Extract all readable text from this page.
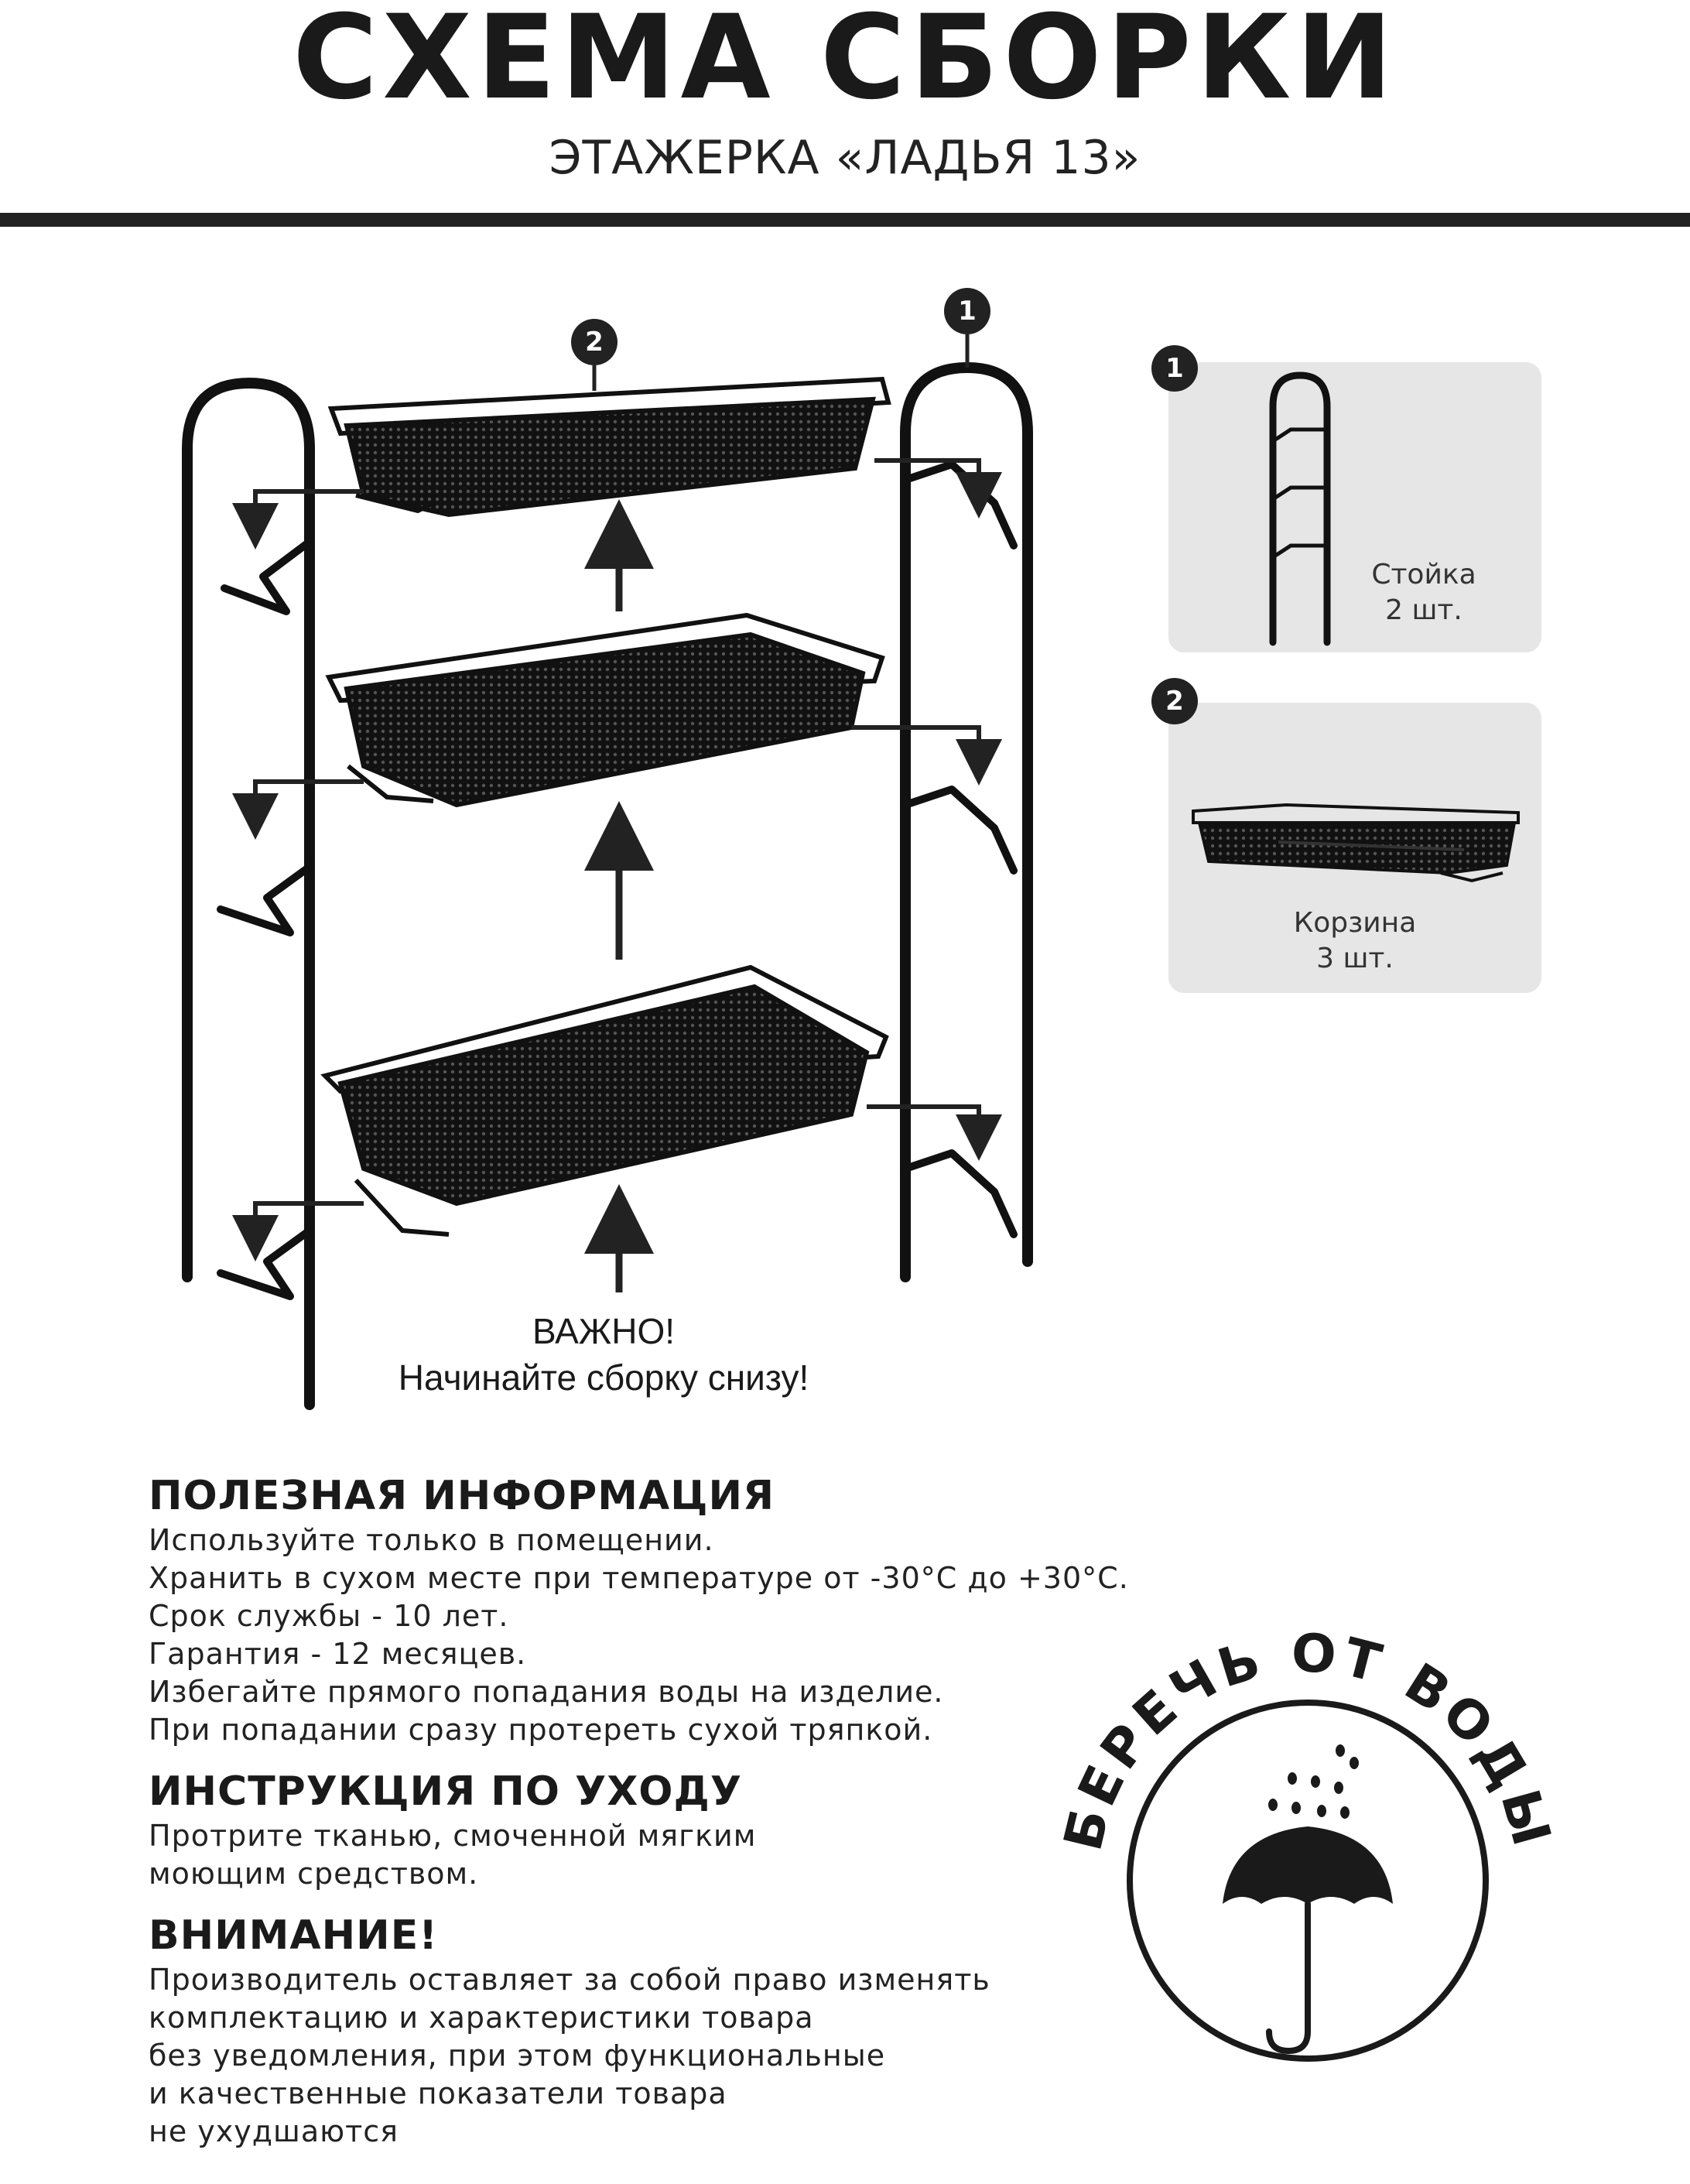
СХЕМА СБОРКИ
ЭТАЖЕРКА «ЛАДЬЯ 13»
2
1
ВАЖНО!
Начинайте сборку снизу!
Стойка
2 шт.
1
Корзина
3 шт.
2
ПОЛЕЗНАЯ ИНФОРМАЦИЯ
Используйте только в помещении.
Хранить в сухом месте при температуре от -30°С до +30°С.
Срок службы - 10 лет.
Гарантия - 12 месяцев.
Избегайте прямого попадания воды на изделие.
При попадании сразу протереть сухой тряпкой.
ИНСТРУКЦИЯ ПО УХОДУ
Протрите тканью, смоченной мягким
моющим средством.
ВНИМАНИЕ!
Производитель оставляет за собой право изменять
комплектацию и характеристики товара
без уведомления, при этом функциональные
и качественные показатели товара
не ухудшаются
БЕРЕЧЬ ОТ ВОДЫ
